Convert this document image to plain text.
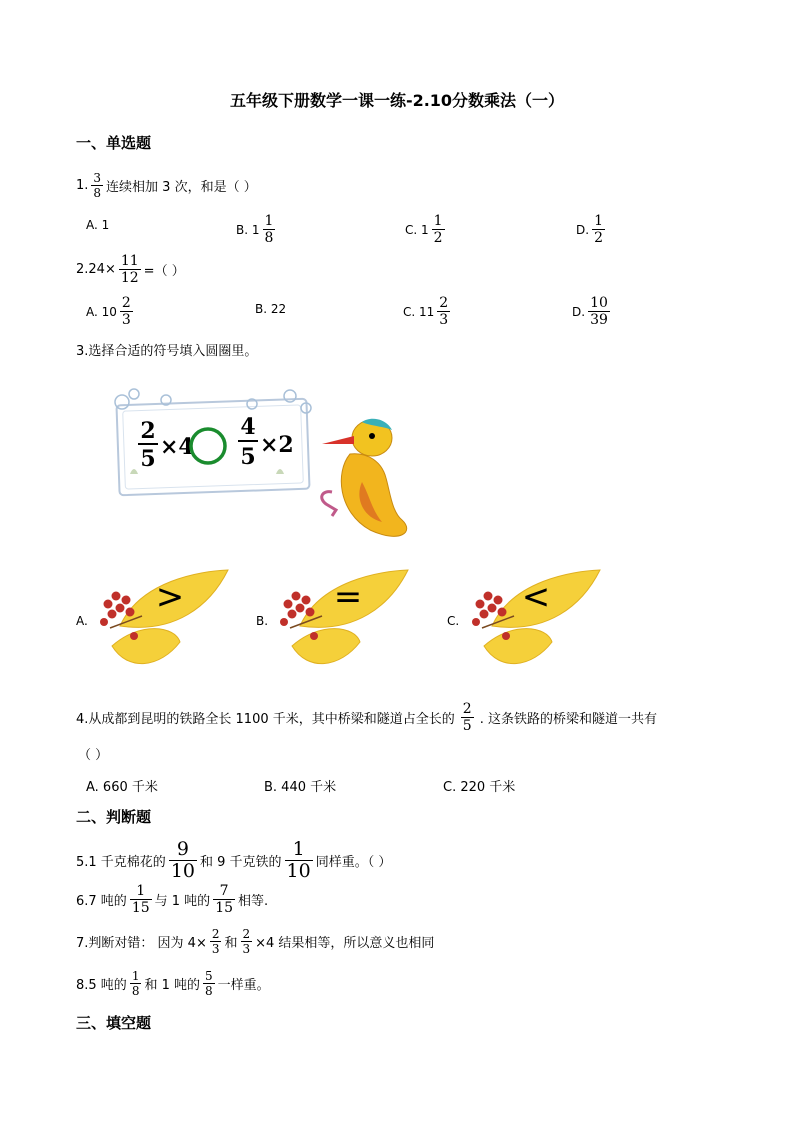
五年级下册数学一课一练-2.10分数乘法（一）
一、单选题
1. $\frac{3}{8}$ 连续相加 3 次，和是（ ）
A. 1	B. $1 \frac{1}{8}$	C. $1 \frac{1}{2}$	D. $\frac{1}{2}$
$2.24\times \frac{11}{12}$ =（ ）
A. $10 \frac{2}{3}$	B. 22	C. $11 \frac{2}{3}$	D. $\frac{10}{39}$
3.选择合适的符号填入圆圈里。
2
5 ×4
4
5 ×2
A.
>
B.
=
C.
<
4.从成都到昆明的铁路全长 1100 千米，其中桥梁和隧道占全长的 $\frac{2}{5}$ . 这条铁路的桥梁和隧道一共有
（ ）
A. 660 千米	B. 440 千米	C. 220 千米
二、判断题
5.1 千克棉花的 $\frac{9}{10}$ 和 9 千克铁的 $\frac{1}{10}$ 同样重。（ ）
6.7 吨的 $\frac{1}{15}$ 与 1 吨的 $\frac{7}{15}$ 相等.
7.判断对错： 因为 $4\times \frac{2}{3}$ 和 $\frac{2}{3} \times 4$ 结果相等，所以意义也相同
8.5 吨的 $\frac{1}{8}$ 和 1 吨的 $\frac{5}{8}$ 一样重。
三、填空题
